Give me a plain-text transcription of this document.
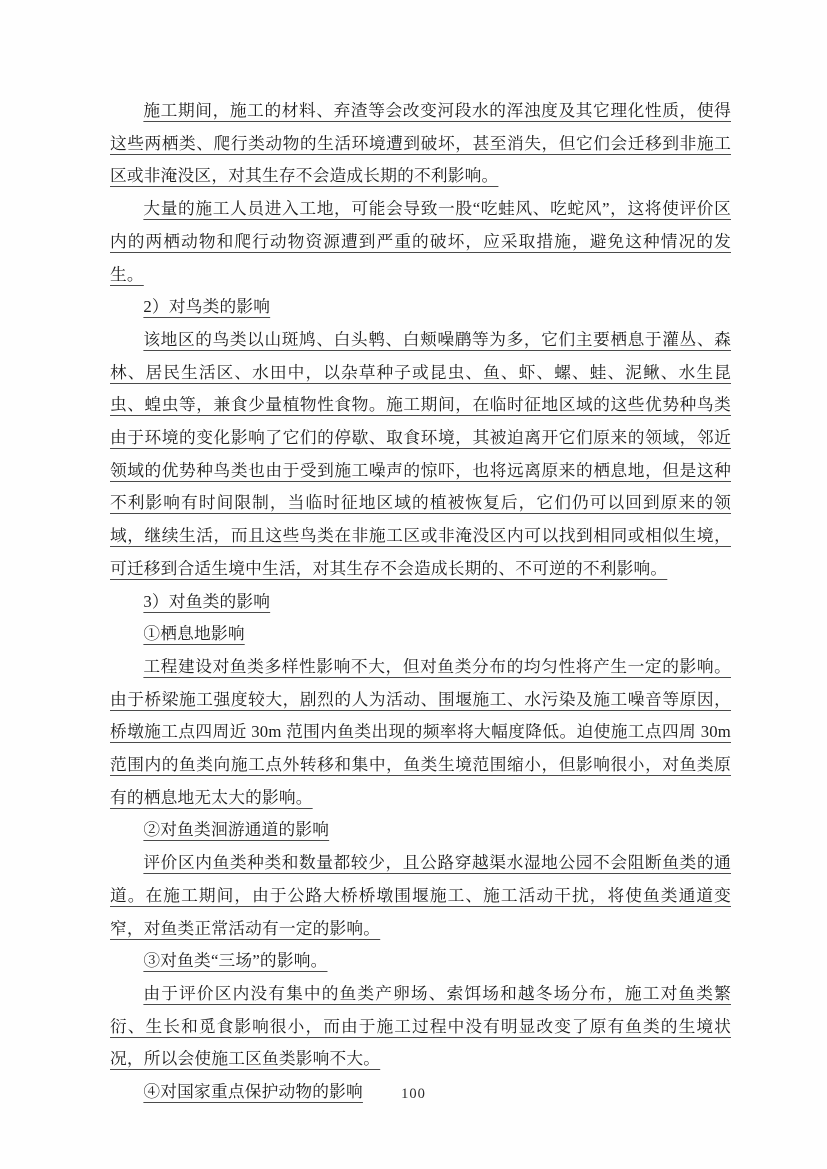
施工期间，施工的材料、弃渣等会改变河段水的浑浊度及其它理化性质，使得这些两栖类、爬行类动物的生活环境遭到破坏，甚至消失，但它们会迁移到非施工区或非淹没区，对其生存不会造成长期的不利影响。

大量的施工人员进入工地，可能会导致一股“吃蛙风、吃蛇风”，这将使评价区内的两栖动物和爬行动物资源遭到严重的破坏，应采取措施，避免这种情况的发生。

2）对鸟类的影响

该地区的鸟类以山斑鸠、白头鹎、白颊噪鹛等为多，它们主要栖息于灌丛、森林、居民生活区、水田中，以杂草种子或昆虫、鱼、虾、螺、蛙、泥鳅、水生昆虫、蝗虫等，兼食少量植物性食物。施工期间，在临时征地区域的这些优势种鸟类由于环境的变化影响了它们的停歇、取食环境，其被迫离开它们原来的领域，邻近领域的优势种鸟类也由于受到施工噪声的惊吓，也将远离原来的栖息地，但是这种不利影响有时间限制，当临时征地区域的植被恢复后，它们仍可以回到原来的领域，继续生活，而且这些鸟类在非施工区或非淹没区内可以找到相同或相似生境，可迁移到合适生境中生活，对其生存不会造成长期的、不可逆的不利影响。

3）对鱼类的影响

①栖息地影响

工程建设对鱼类多样性影响不大，但对鱼类分布的均匀性将产生一定的影响。由于桥梁施工强度较大，剧烈的人为活动、围堰施工、水污染及施工噪音等原因，桥墩施工点四周近 30m 范围内鱼类出现的频率将大幅度降低。迫使施工点四周 30m 范围内的鱼类向施工点外转移和集中，鱼类生境范围缩小，但影响很小，对鱼类原有的栖息地无太大的影响。

②对鱼类洄游通道的影响

评价区内鱼类种类和数量都较少，且公路穿越渠水湿地公园不会阻断鱼类的通道。在施工期间，由于公路大桥桥墩围堰施工、施工活动干扰，将使鱼类通道变窄，对鱼类正常活动有一定的影响。

③对鱼类“三场”的影响。

由于评价区内没有集中的鱼类产卵场、索饵场和越冬场分布，施工对鱼类繁衍、生长和觅食影响很小，而由于施工过程中没有明显改变了原有鱼类的生境状况，所以会使施工区鱼类影响不大。

④对国家重点保护动物的影响	100
